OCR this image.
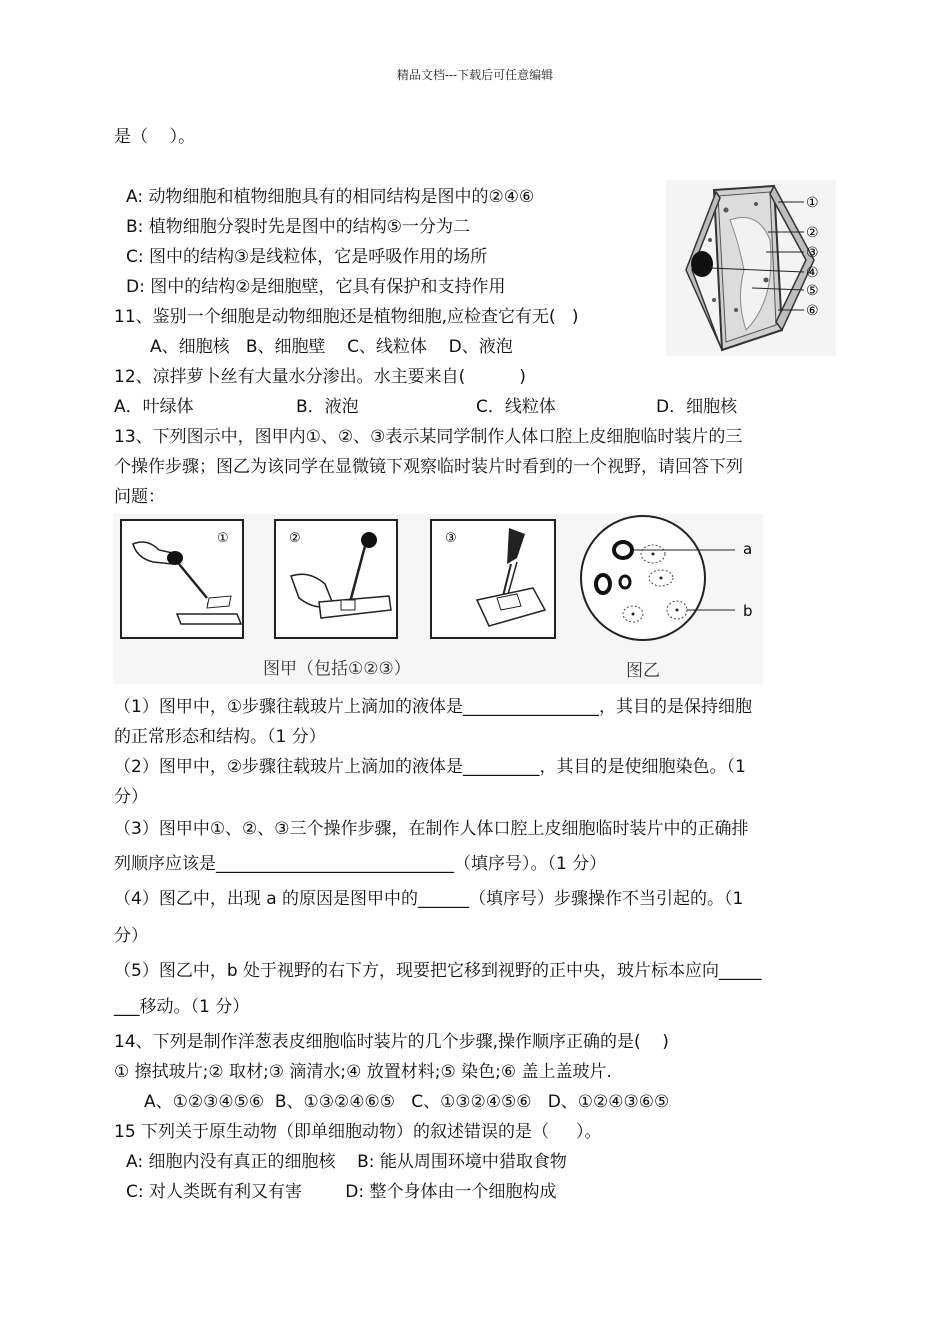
精品文档---下载后可任意编辑
是（    ）。
A: 动物细胞和植物细胞具有的相同结构是图中的②④⑥
B: 植物细胞分裂时先是图中的结构⑤一分为二
C: 图中的结构③是线粒体，它是呼吸作用的场所
D: 图中的结构②是细胞壁，它具有保护和支持作用
11、鉴别一个细胞是动物细胞还是植物细胞,应检查它有无(   )
A、细胞核   B、细胞壁    C、线粒体    D、液泡
12、凉拌萝卜丝有大量水分渗出。水主要来自(          )
A．叶绿体	B．液泡	C．线粒体	D．细胞核
13、下列图示中，图甲内①、②、③表示某同学制作人体口腔上皮细胞临时装片的三
个操作步骤；图乙为该同学在显微镜下观察临时装片时看到的一个视野，请回答下列
问题：
（1）图甲中，①步骤往载玻片上滴加的液体是________________，其目的是保持细胞
的正常形态和结构。（1 分）
（2）图甲中，②步骤往载玻片上滴加的液体是_________，其目的是使细胞染色。（1
分）
（3）图甲中①、②、③三个操作步骤，在制作人体口腔上皮细胞临时装片中的正确排
列顺序应该是____________________________（填序号）。（1 分）
（4）图乙中，出现 a 的原因是图甲中的______（填序号）步骤操作不当引起的。（1
分）
（5）图乙中，b 处于视野的右下方，现要把它移到视野的正中央，玻片标本应向_____
___移动。（1 分）
14、下列是制作洋葱表皮细胞临时装片的几个步骤,操作顺序正确的是(    )
① 擦拭玻片;② 取材;③ 滴清水;④ 放置材料;⑤ 染色;⑥ 盖上盖玻片.
A、①②③④⑤⑥  B、①③②④⑥⑤   C、①③②④⑤⑥   D、①②④③⑥⑤
15 下列关于原生动物（即单细胞动物）的叙述错误的是（     ）。
A: 细胞内没有真正的细胞核    B: 能从周围环境中猎取食物
C: 对人类既有利又有害        D: 整个身体由一个细胞构成
①
②
③
④
⑤
⑥
①	②	③
a
b
图甲（包括①②③）	图乙
